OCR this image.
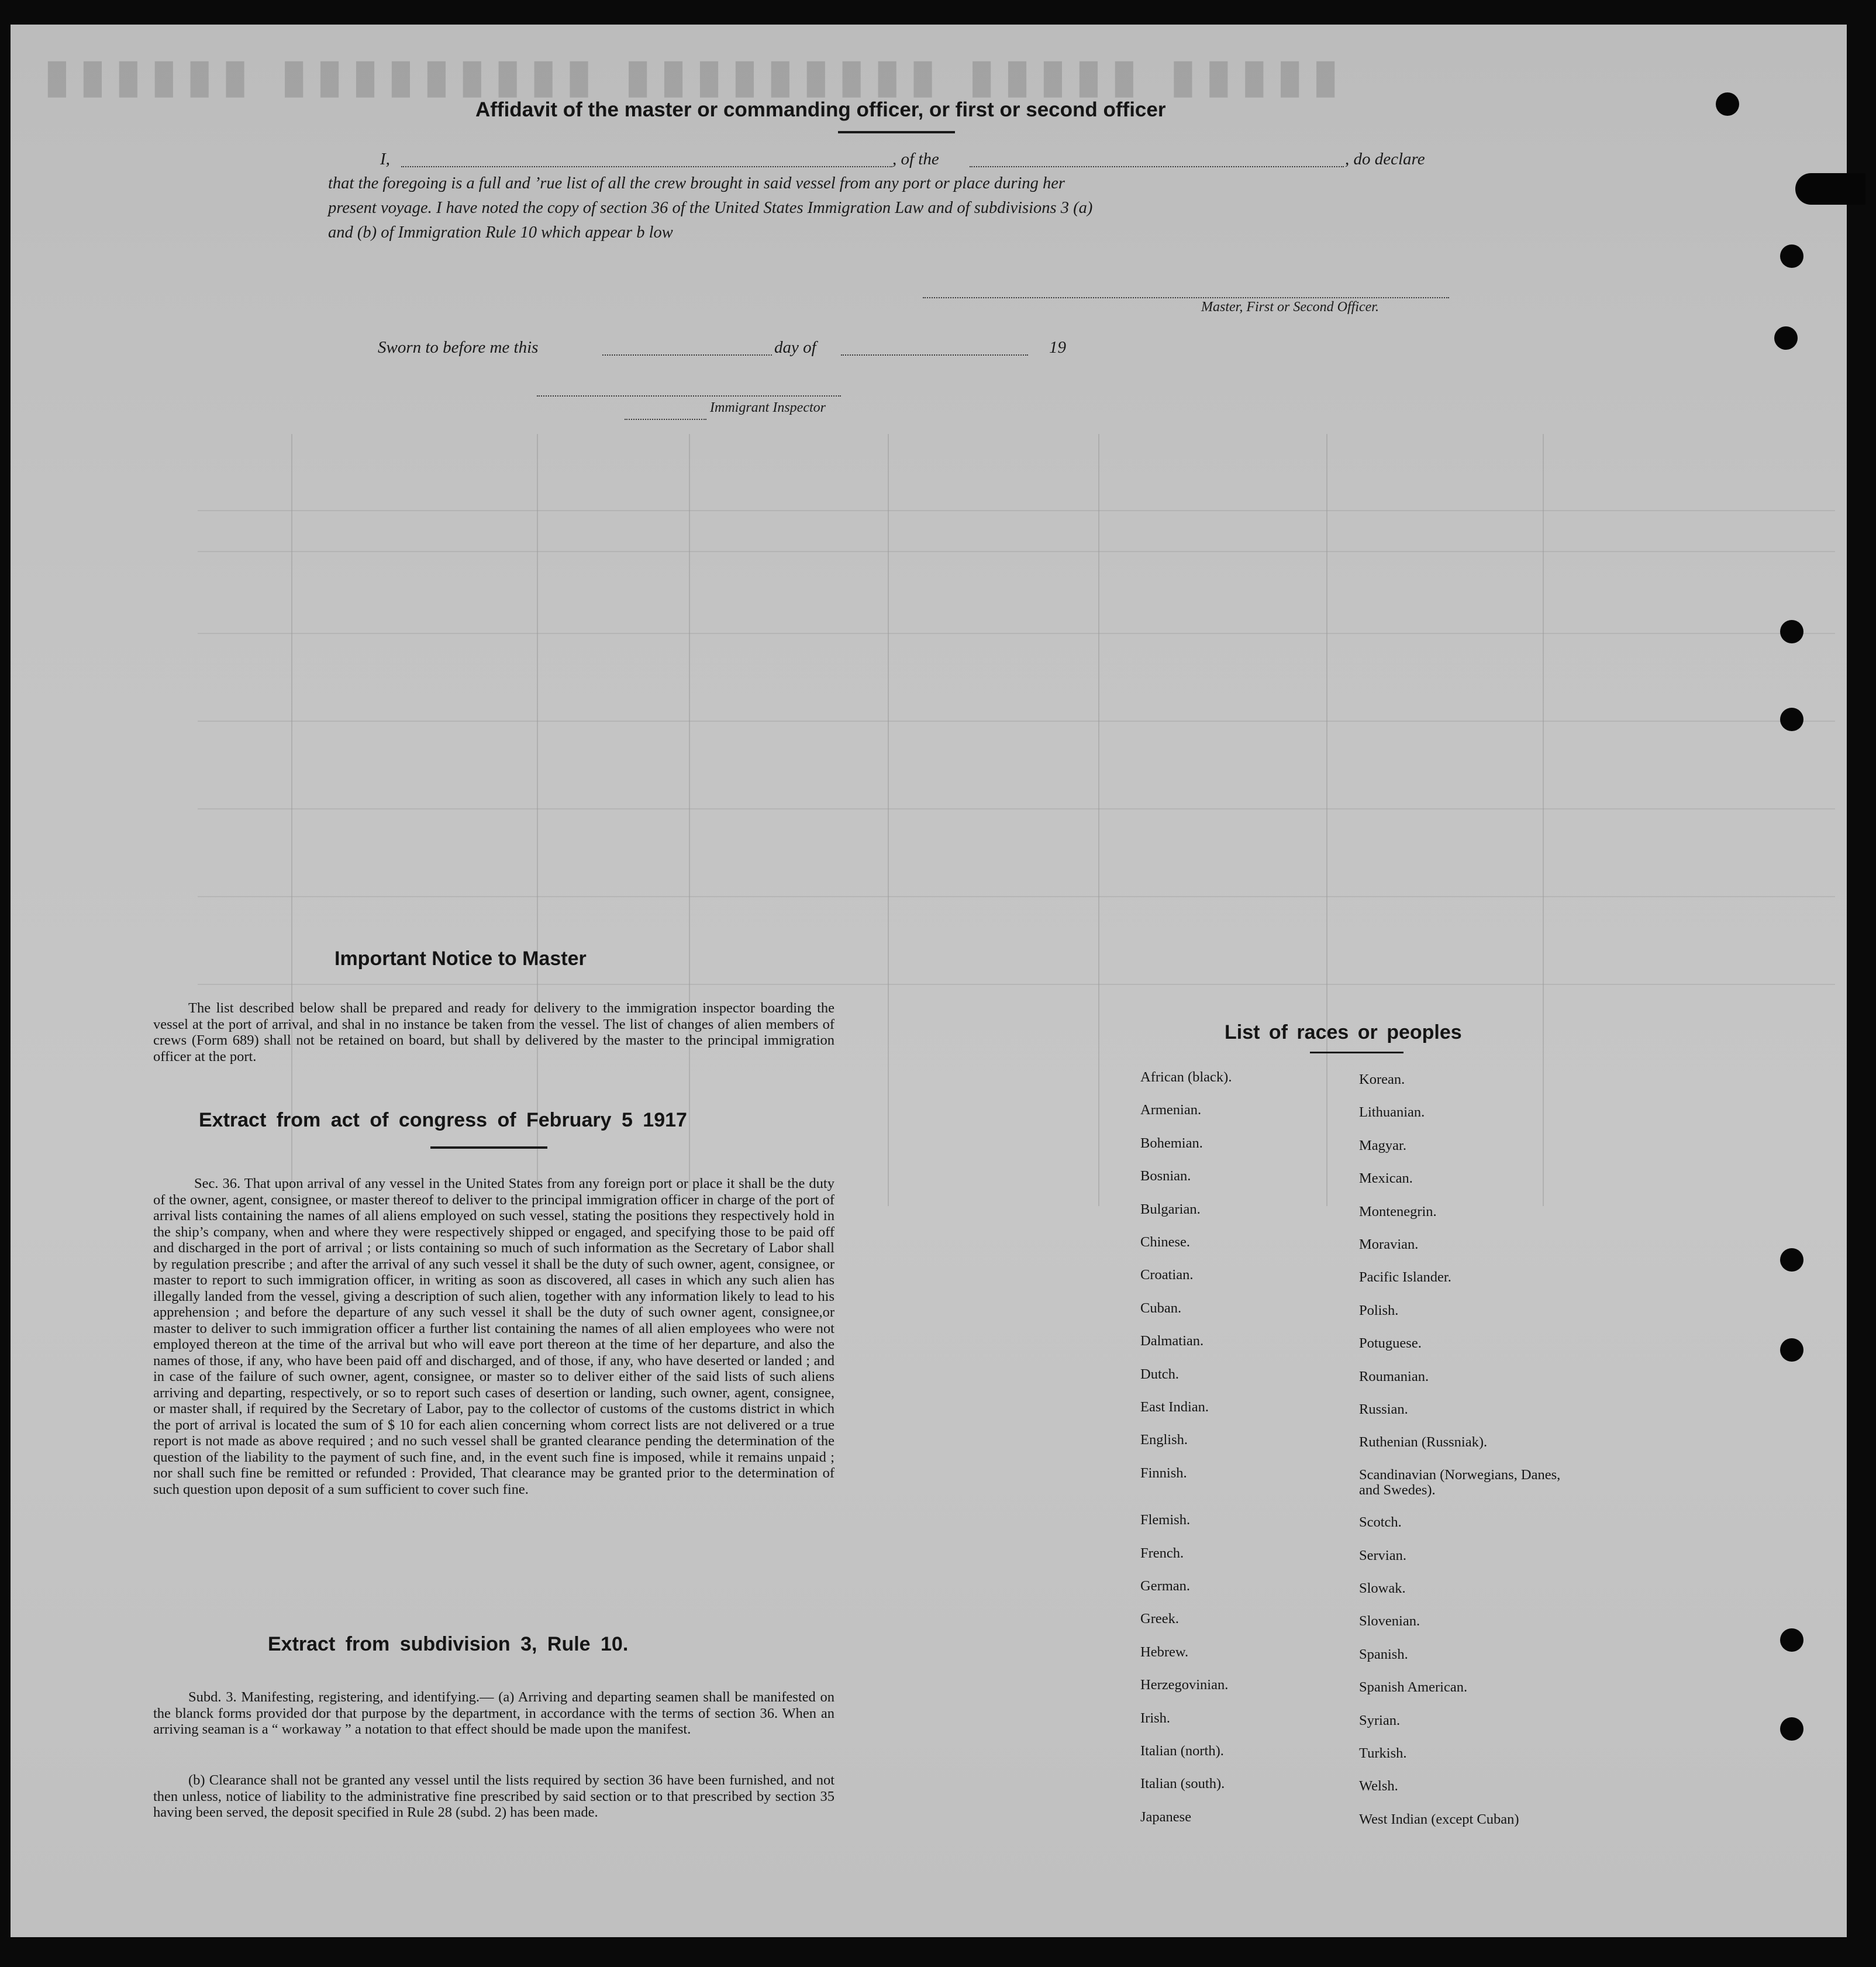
▮▮▮▮▮ ▮▮▮▮▮ ▮▮▮▮▮▮▮▮▮ ▮▮▮▮▮▮▮▮▮ ▮▮▮▮▮▮
Affidavit of the master or commanding officer, or first or second officer
I,	, of the	, do declare
that the foregoing is a full and ’rue list of all the crew brought in said vessel from any port or place during her
present voyage. I have noted the copy of section 36 of the United States Immigration Law and of subdivisions 3 (a)
and (b) of Immigration Rule 10 which appear b low
Master, First or Second Officer.
Sworn to before me this	day of	19
Immigrant Inspector
Important Notice to Master
The list described below shall be prepared and ready for delivery to the immigration inspector boarding the vessel at the port of arrival, and shal in no instance be taken from the vessel. The list of changes of alien members of crews (Form 689) shall not be retained on board, but shall by delivered by the master to the principal immigration officer at the port.
Extract from act of congress of February 5 1917
Sec. 36. That upon arrival of any vessel in the United States from any foreign port or place it shall be the duty of the owner, agent, consignee, or master thereof to deliver to the principal immigration officer in charge of the port of arrival lists containing the names of all aliens employed on such vessel, stating the positions they respectively hold in the ship’s company, when and where they were respectively shipped or engaged, and specifying those to be paid off and discharged in the port of arrival ; or lists containing so much of such information as the Secretary of Labor shall by regulation prescribe ; and after the arrival of any such vessel it shall be the duty of such owner, agent, consignee, or master to report to such immigration officer, in writing as soon as discovered, all cases in which any such alien has illegally landed from the vessel, giving a description of such alien, together with any information likely to lead to his apprehension ; and before the departure of any such vessel it shall be the duty of such owner agent, consignee,or master to deliver to such immigration officer a further list containing the names of all alien employees who were not employed thereon at the time of the arrival but who will eave port thereon at the time of her departure, and also the names of those, if any, who have been paid off and discharged, and of those, if any, who have deserted or landed ; and in case of the failure of such owner, agent, consignee, or master so to deliver either of the said lists of such aliens arriving and departing, respectively, or so to report such cases of desertion or landing, such owner, agent, consignee, or master shall, if required by the Secretary of Labor, pay to the collector of customs of the customs district in which the port of arrival is located the sum of $ 10 for each alien concerning whom correct lists are not delivered or a true report is not made as above required ; and no such vessel shall be granted clearance pending the determination of the question of the liability to the payment of such fine, and, in the event such fine is imposed, while it remains unpaid ; nor shall such fine be remitted or refunded : Provided, That clearance may be granted prior to the determination of such question upon deposit of a sum sufficient to cover such fine.
Extract from subdivision 3, Rule 10.
Subd. 3. Manifesting, registering, and identifying.— (a) Arriving and departing seamen shall be manifested on the blanck forms provided dor that purpose by the department, in accordance with the terms of section 36. When an arriving seaman is a “ workaway ” a notation to that effect should be made upon the manifest.
(b) Clearance shall not be granted any vessel until the lists required by section 36 have been furnished, and not then unless, notice of liability to the administrative fine prescribed by said section or to that prescribed by section 35 having been served, the deposit specified in Rule 28 (subd. 2) has been made.
List of races or peoples
African (black).
Armenian.
Bohemian.
Bosnian.
Bulgarian.
Chinese.
Croatian.
Cuban.
Dalmatian.
Dutch.
East Indian.
English.
Finnish.
Flemish.
French.
German.
Greek.
Hebrew.
Herzegovinian.
Irish.
Italian (north).
Italian (south).
Japanese
Korean.
Lithuanian.
Magyar.
Mexican.
Montenegrin.
Moravian.
Pacific Islander.
Polish.
Potuguese.
Roumanian.
Russian.
Ruthenian (Russniak).
Scandinavian (Norwegians, Danes, and Swedes).
Scotch.
Servian.
Slowak.
Slovenian.
Spanish.
Spanish American.
Syrian.
Turkish.
Welsh.
West Indian (except Cuban)
